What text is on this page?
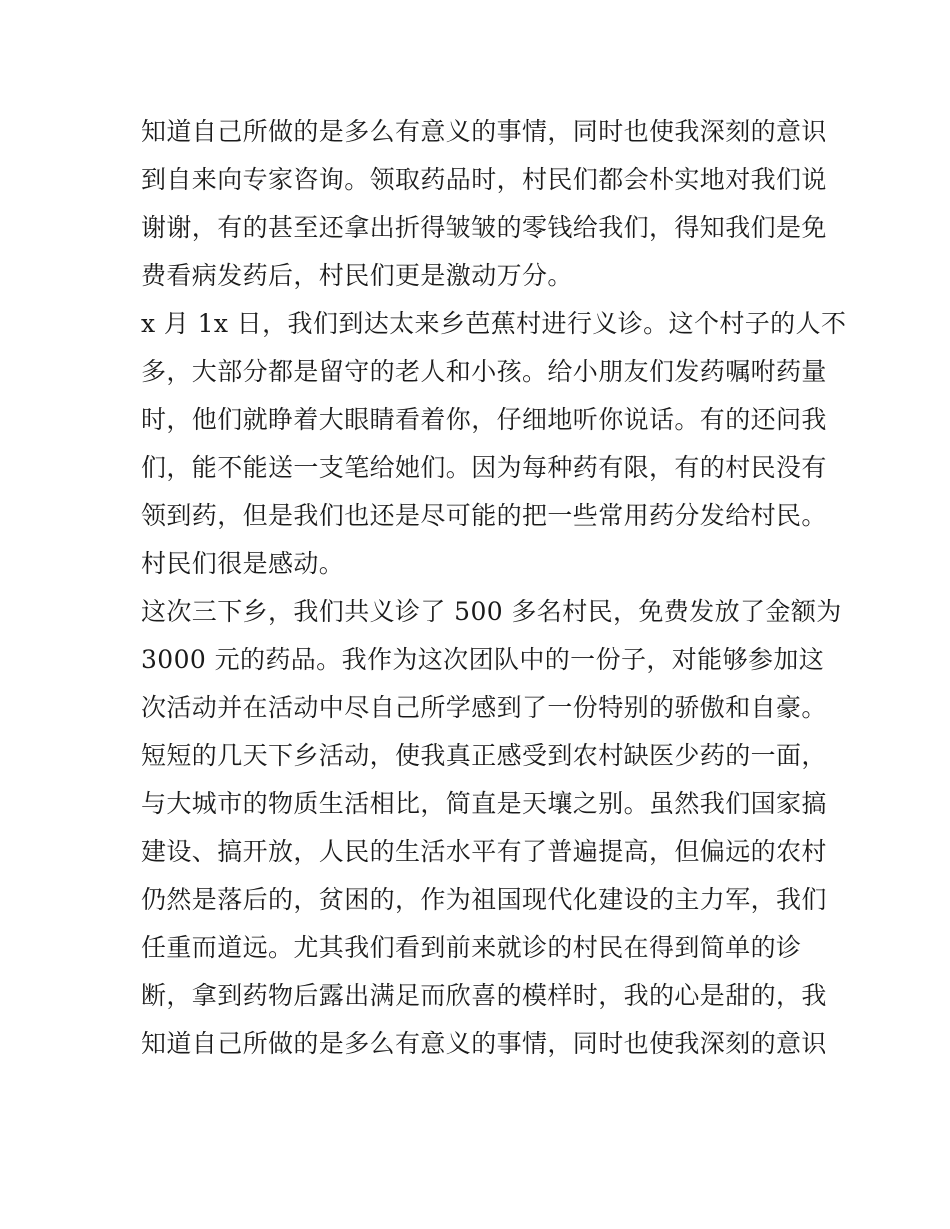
知道自己所做的是多么有意义的事情，同时也使我深刻的意识
到自来向专家咨询。领取药品时，村民们都会朴实地对我们说
谢谢，有的甚至还拿出折得皱皱的零钱给我们，得知我们是免
费看病发药后，村民们更是激动万分。
x 月 1x 日，我们到达太来乡芭蕉村进行义诊。这个村子的人不
多，大部分都是留守的老人和小孩。给小朋友们发药嘱咐药量
时，他们就睁着大眼睛看着你，仔细地听你说话。有的还问我
们，能不能送一支笔给她们。因为每种药有限，有的村民没有
领到药，但是我们也还是尽可能的把一些常用药分发给村民。
村民们很是感动。
这次三下乡，我们共义诊了 500 多名村民，免费发放了金额为
3000 元的药品。我作为这次团队中的一份子，对能够参加这
次活动并在活动中尽自己所学感到了一份特别的骄傲和自豪。
短短的几天下乡活动，使我真正感受到农村缺医少药的一面，
与大城市的物质生活相比，简直是天壤之别。虽然我们国家搞
建设、搞开放，人民的生活水平有了普遍提高，但偏远的农村
仍然是落后的，贫困的，作为祖国现代化建设的主力军，我们
任重而道远。尤其我们看到前来就诊的村民在得到简单的诊
断，拿到药物后露出满足而欣喜的模样时，我的心是甜的，我
知道自己所做的是多么有意义的事情，同时也使我深刻的意识
